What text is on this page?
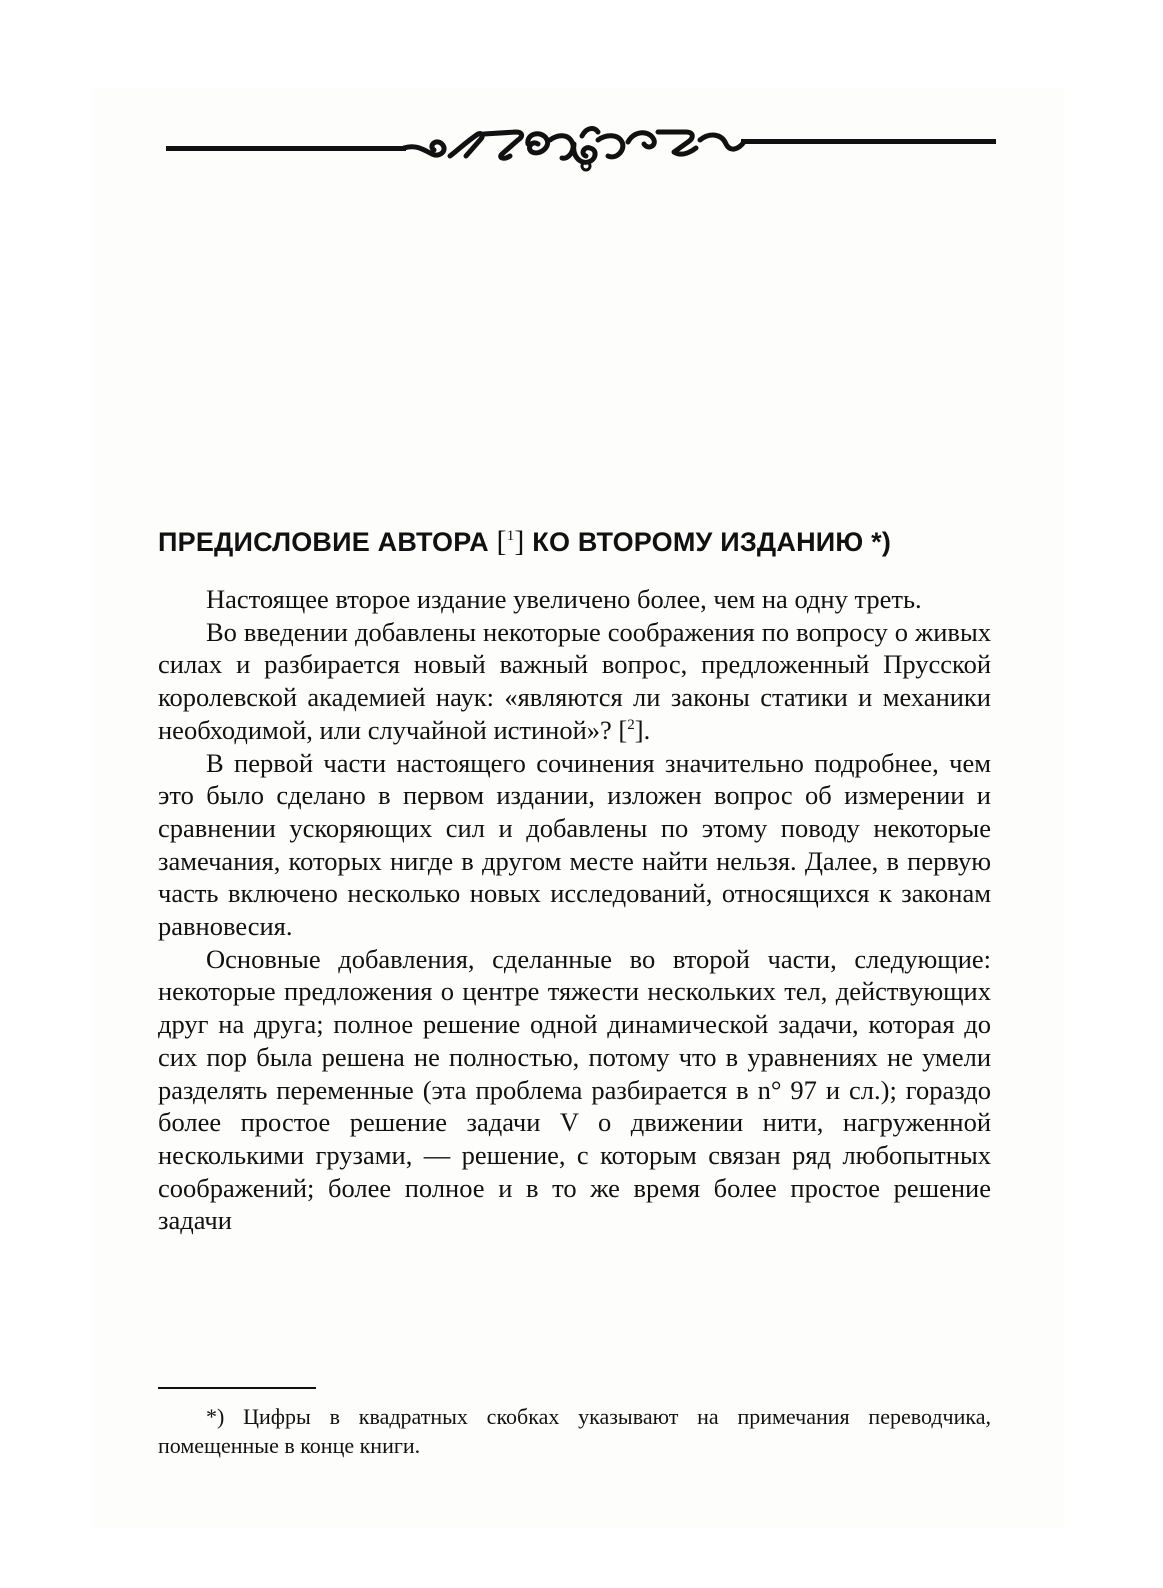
ПРЕДИСЛОВИЕ АВТОРА [$^1$] КО ВТОРОМУ ИЗДАНИЮ *)

Настоящее второе издание увеличено более, чем на одну треть.

Во введении добавлены некоторые соображения по вопросу о живых силах и разбирается новый важный вопрос, предложенный Прусской королевской академией наук: «являются ли законы статики и механики необходимой, или случайной истиной»? [$^2$].

В первой части настоящего сочинения значительно подробнее, чем это было сделано в первом издании, изложен вопрос об измерении и сравнении ускоряющих сил и добавлены по этому поводу некоторые замечания, которых нигде в другом месте найти нельзя. Далее, в первую часть включено несколько новых исследований, относящихся к законам равновесия.

Основные добавления, сделанные во второй части, следующие: некоторые предложения о центре тяжести нескольких тел, действующих друг на друга; полное решение одной динамической задачи, которая до сих пор была решена не полностью, потому что в уравнениях не умели разделять переменные (эта проблема разбирается в n° 97 и сл.); гораздо более простое решение задачи V о движении нити, нагруженной несколькими грузами, — решение, с которым связан ряд любопытных соображений; более полное и в то же время более простое решение задачи

*) Цифры в квадратных скобках указывают на примечания переводчика, помещенные в конце книги.
